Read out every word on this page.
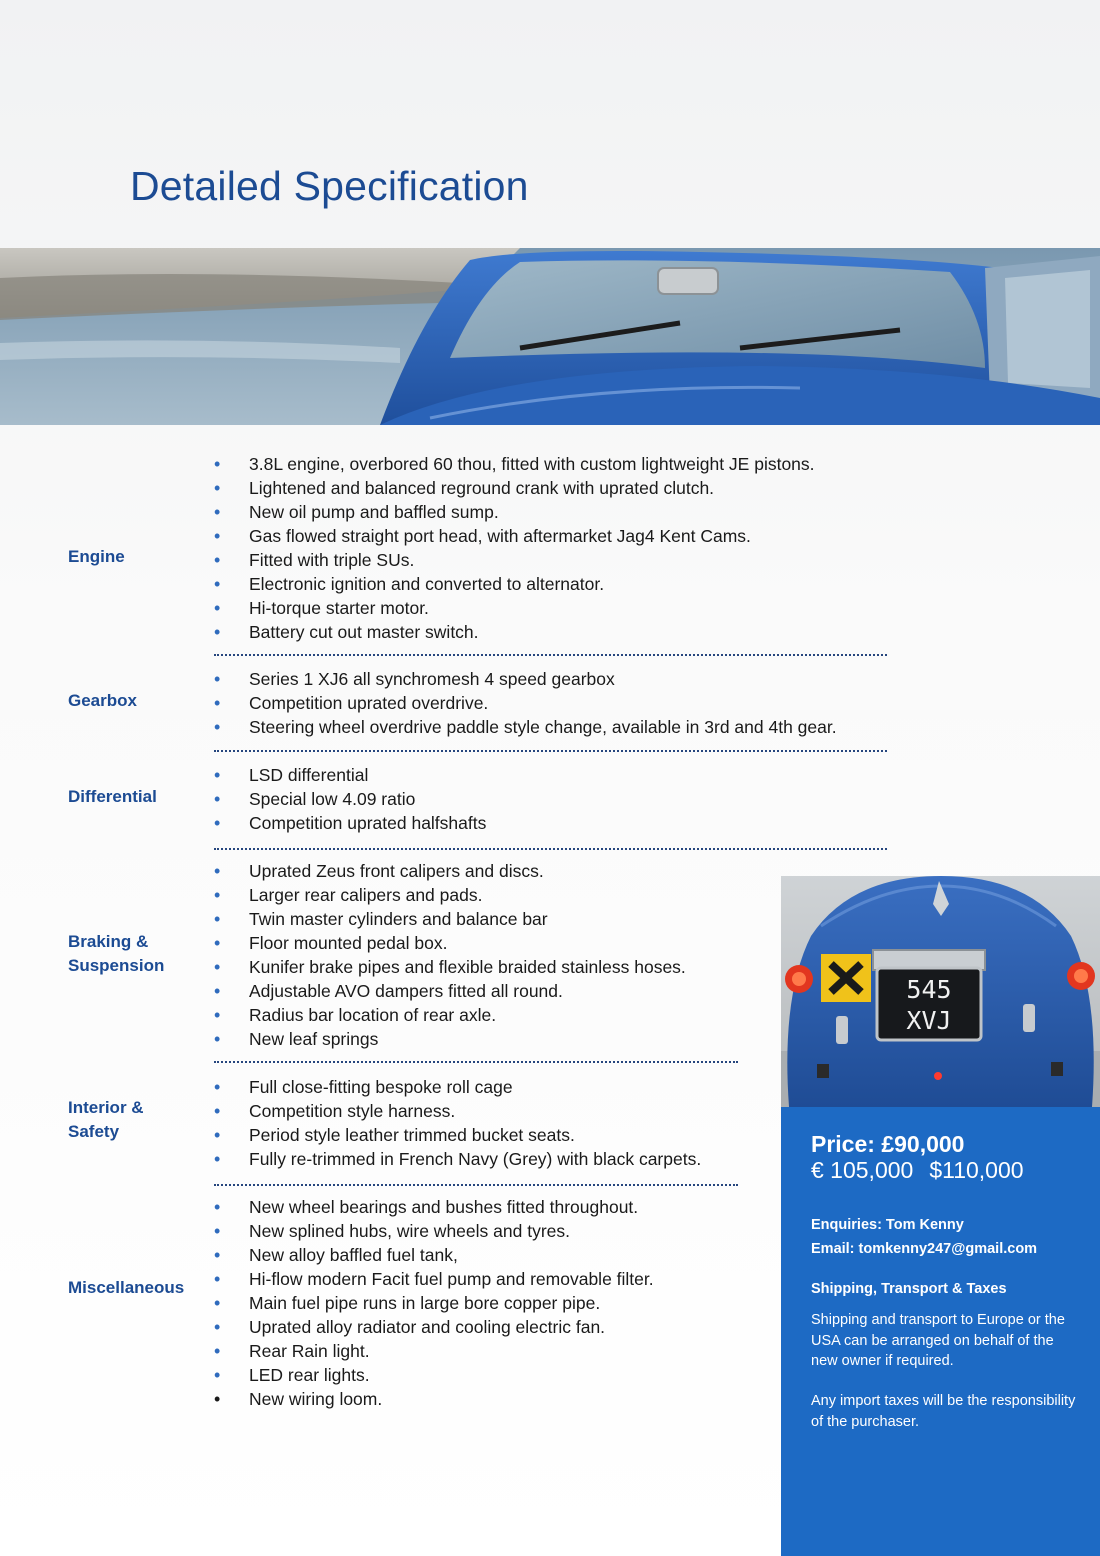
Detailed Specification
Engine
• 3.8L engine, overbored 60 thou, fitted with custom lightweight JE pistons.
• Lightened and balanced reground crank with uprated clutch.
• New oil pump and baffled sump.
• Gas flowed straight port head, with aftermarket Jag4 Kent Cams.
• Fitted with triple SUs.
• Electronic ignition and converted to alternator.
• Hi-torque starter motor.
• Battery cut out master switch.
Gearbox
• Series 1 XJ6 all synchromesh 4 speed gearbox
• Competition uprated overdrive.
• Steering wheel overdrive paddle style change, available in 3rd and 4th gear.
Differential
• LSD differential
• Special low 4.09 ratio
• Competition uprated halfshafts
Braking &
Suspension
• Uprated Zeus front calipers and discs.
• Larger rear calipers and pads.
• Twin master cylinders and balance bar
• Floor mounted pedal box.
• Kunifer brake pipes and flexible braided stainless hoses.
• Adjustable AVO dampers fitted all round.
• Radius bar location of rear axle.
• New leaf springs
Interior &
Safety
• Full close-fitting bespoke roll cage
• Competition style harness.
• Period style leather trimmed bucket seats.
• Fully re-trimmed in French Navy (Grey) with black carpets.
Miscellaneous
• New wheel bearings and bushes fitted throughout.
• New splined hubs, wire wheels and tyres.
• New alloy baffled fuel tank,
• Hi-flow modern Facit fuel pump and removable filter.
• Main fuel pipe runs in large bore copper pipe.
• Uprated alloy radiator and cooling electric fan.
• Rear Rain light.
• LED rear lights.
• New wiring loom.
545
XVJ
Price: £90,000
€ 105,000 $110,000
Enquiries: Tom Kenny
Email: tomkenny247@gmail.com
Shipping, Transport & Taxes
Shipping and transport to Europe or the USA can be arranged on behalf of the new owner if required.
Any import taxes will be the responsibility of the purchaser.
